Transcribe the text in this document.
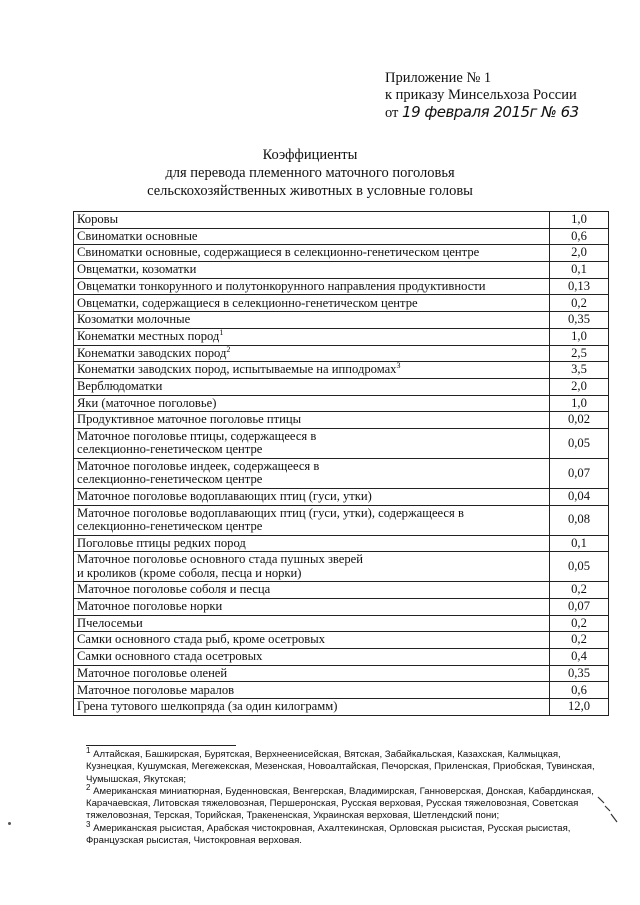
Приложение № 1
к приказу Минсельхоза России
от 19 февраля 2015г № 63
Коэффициенты
для перевода племенного маточного поголовья
сельскохозяйственных животных в условные головы
Коровы	1,0
Свиноматки основные	0,6
Свиноматки основные, содержащиеся в селекционно-генетическом центре	2,0
Овцематки, козоматки	0,1
Овцематки тонкорунного и полутонкорунного направления продуктивности	0,13
Овцематки, содержащиеся в селекционно-генетическом центре	0,2
Козоматки молочные	0,35
Конематки местных пород$^1$	1,0
Конематки заводских пород$^2$	2,5
Конематки заводских пород, испытываемые на ипподромах$^3$	3,5
Верблюдоматки	2,0
Яки (маточное поголовье)	1,0
Продуктивное маточное поголовье птицы	0,02
Маточное поголовье птицы, содержащееся в
селекционно-генетическом центре	0,05
Маточное поголовье индеек, содержащееся в
селекционно-генетическом центре	0,07
Маточное поголовье водоплавающих птиц (гуси, утки)	0,04
Маточное поголовье водоплавающих птиц (гуси, утки), содержащееся в
селекционно-генетическом центре	0,08
Поголовье птицы редких пород	0,1
Маточное поголовье основного стада пушных зверей
и кроликов (кроме соболя, песца и норки)	0,05
Маточное поголовье соболя и песца	0,2
Маточное поголовье норки	0,07
Пчелосемьи	0,2
Самки основного стада рыб, кроме осетровых	0,2
Самки основного стада осетровых	0,4
Маточное поголовье оленей	0,35
Маточное поголовье маралов	0,6
Грена тутового шелкопряда (за один килограмм)	12,0

$^1$ Алтайская, Башкирская, Бурятская, Верхнеенисейская, Вятская, Забайкальская, Казахская, Калмыцкая, Кузнецкая, Кушумская, Мегежекская, Мезенская, Новоалтайская, Печорская, Приленская, Приобская, Тувинская, Чумышская, Якутская;

$^2$ Американская миниатюрная, Буденновская, Венгерская, Владимирская, Ганноверская, Донская, Кабардинская, Карачаевская, Литовская тяжеловозная, Першеронская, Русская верховая, Русская тяжеловозная, Советская тяжеловозная, Терская, Торийская, Тракененская, Украинская верховая, Шетлендский пони;

$^3$ Американская рысистая, Арабская чистокровная, Ахалтекинская, Орловская рысистая, Русская рысистая, Французская рысистая, Чистокровная верховая.
